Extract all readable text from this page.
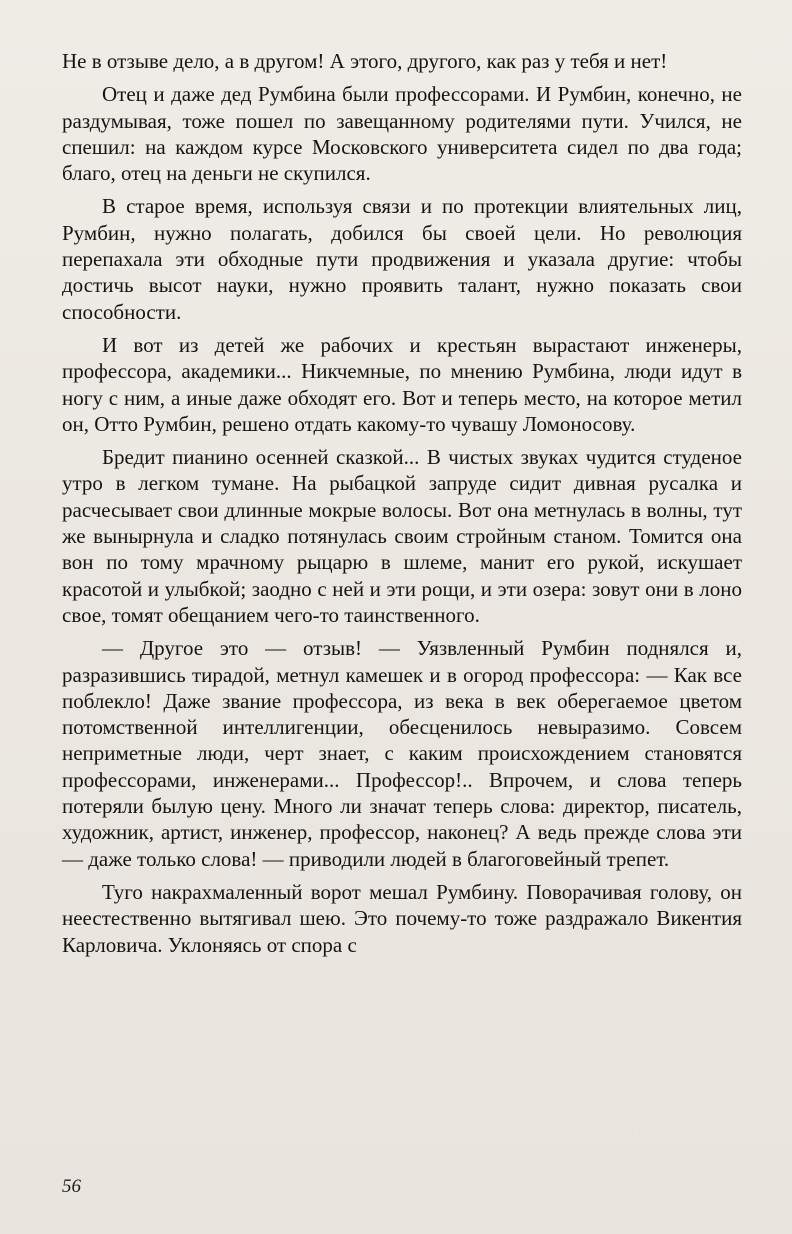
Не в отзыве дело, а в другом! А этого, другого, как раз у тебя и нет!

Отец и даже дед Румбина были профессорами. И Румбин, конечно, не раздумывая, тоже пошел по завещанному родителями пути. Учился, не спешил: на каждом курсе Московского университета сидел по два года; благо, отец на деньги не скупился.

В старое время, используя связи и по протекции влиятельных лиц, Румбин, нужно полагать, добился бы своей цели. Но революция перепахала эти обходные пути продвижения и указала другие: чтобы достичь высот науки, нужно проявить талант, нужно показать свои способности.

И вот из детей же рабочих и крестьян вырастают инженеры, профессора, академики... Никчемные, по мнению Румбина, люди идут в ногу с ним, а иные даже обходят его. Вот и теперь место, на которое метил он, Отто Румбин, решено отдать какому-то чувашу Ломоносову.

Бредит пианино осенней сказкой... В чистых звуках чудится студеное утро в легком тумане. На рыбацкой запруде сидит дивная русалка и расчесывает свои длинные мокрые волосы. Вот она метнулась в волны, тут же вынырнула и сладко потянулась своим стройным станом. Томится она вон по тому мрачному рыцарю в шлеме, манит его рукой, искушает красотой и улыбкой; заодно с ней и эти рощи, и эти озера: зовут они в лоно свое, томят обещанием чего-то таинственного.

— Другое это — отзыв! — Уязвленный Румбин поднялся и, разразившись тирадой, метнул камешек и в огород профессора: — Как все поблекло! Даже звание профессора, из века в век оберегаемое цветом потомственной интеллигенции, обесценилось невыразимо. Совсем неприметные люди, черт знает, с каким происхождением становятся профессорами, инженерами... Профессор!.. Впрочем, и слова теперь потеряли былую цену. Много ли значат теперь слова: директор, писатель, художник, артист, инженер, профессор, наконец? А ведь прежде слова эти — даже только слова! — приводили людей в благоговейный трепет.

Туго накрахмаленный ворот мешал Румбину. Поворачивая голову, он неестественно вытягивал шею. Это почему-то тоже раздражало Викентия Карловича. Уклоняясь от спора с

56
